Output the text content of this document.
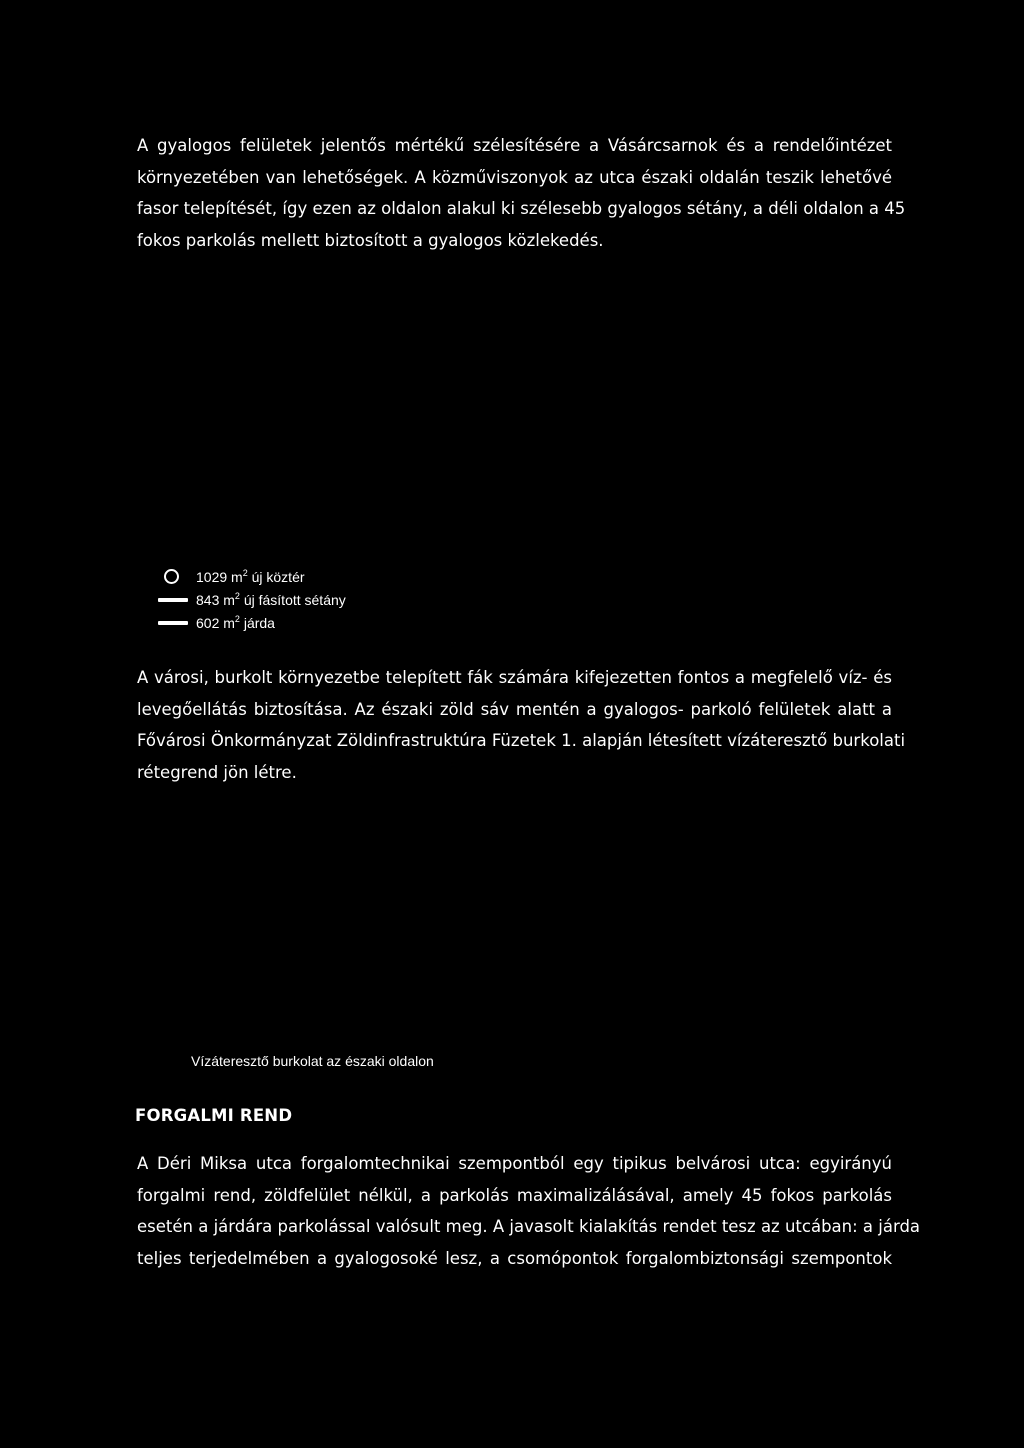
A gyalogos felületek jelentős mértékű szélesítésére a Vásárcsarnok és a rendelőintézet
környezetében van lehetőségek. A közműviszonyok az utca északi oldalán teszik lehetővé
fasor telepítését, így ezen az oldalon alakul ki szélesebb gyalogos sétány, a déli oldalon a 45
fokos parkolás mellett biztosított a gyalogos közlekedés.
1029 $m^2$ új köztér
843 $m^2$ új fásított sétány
602 $m^2$ járda
A városi, burkolt környezetbe telepített fák számára kifejezetten fontos a megfelelő víz- és
levegőellátás biztosítása. Az északi zöld sáv mentén a gyalogos- parkoló felületek alatt a
Fővárosi Önkormányzat Zöldinfrastruktúra Füzetek 1. alapján létesített vízáteresztő burkolati
rétegrend jön létre.
Vízáteresztő burkolat az északi oldalon
FORGALMI REND
A Déri Miksa utca forgalomtechnikai szempontból egy tipikus belvárosi utca: egyirányú
forgalmi rend, zöldfelület nélkül, a parkolás maximalizálásával, amely 45 fokos parkolás
esetén a járdára parkolással valósult meg. A javasolt kialakítás rendet tesz az utcában: a járda
teljes terjedelmében a gyalogosoké lesz, a csomópontok forgalombiztonsági szempontok
